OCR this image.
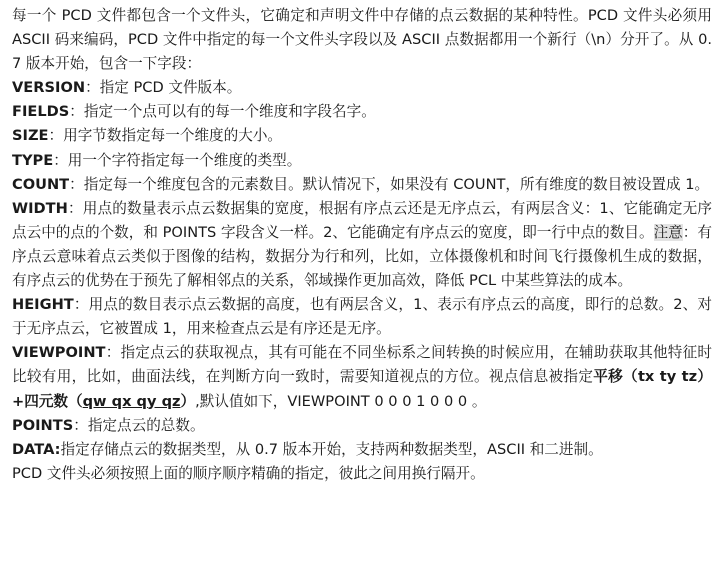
每一个 PCD 文件都包含一个文件头，它确定和声明文件中存储的点云数据的某种特性。PCD 文件头必须用 ASCII 码来编码，PCD 文件中指定的每一个文件头字段以及 ASCII 点数据都用一个新行（\n）分开了。从 0.7 版本开始，包含一下字段：

VERSION：指定 PCD 文件版本。

FIELDS：指定一个点可以有的每一个维度和字段名字。

SIZE：用字节数指定每一个维度的大小。

TYPE：用一个字符指定每一个维度的类型。

COUNT：指定每一个维度包含的元素数目。默认情况下，如果没有 COUNT，所有维度的数目被设置成 1。

WIDTH：用点的数量表示点云数据集的宽度，根据有序点云还是无序点云，有两层含义：1、它能确定无序点云中的点的个数，和 POINTS 字段含义一样。2、它能确定有序点云的宽度，即一行中点的数目。注意：有序点云意味着点云类似于图像的结构，数据分为行和列，比如，立体摄像机和时间飞行摄像机生成的数据，有序点云的优势在于预先了解相邻点的关系，邻域操作更加高效，降低 PCL 中某些算法的成本。

HEIGHT：用点的数目表示点云数据的高度，也有两层含义，1、表示有序点云的高度，即行的总数。2、对于无序点云，它被置成 1，用来检查点云是有序还是无序。

VIEWPOINT：指定点云的获取视点，其有可能在不同坐标系之间转换的时候应用，在辅助获取其他特征时比较有用，比如，曲面法线，在判断方向一致时，需要知道视点的方位。视点信息被指定平移（tx ty tz）+四元数（qw qx qy qz）,默认值如下，VIEWPOINT 0 0 0 1 0 0 0 。

POINTS：指定点云的总数。

DATA:指定存储点云的数据类型，从 0.7 版本开始，支持两种数据类型，ASCII 和二进制。

PCD 文件头必须按照上面的顺序顺序精确的指定，彼此之间用换行隔开。
